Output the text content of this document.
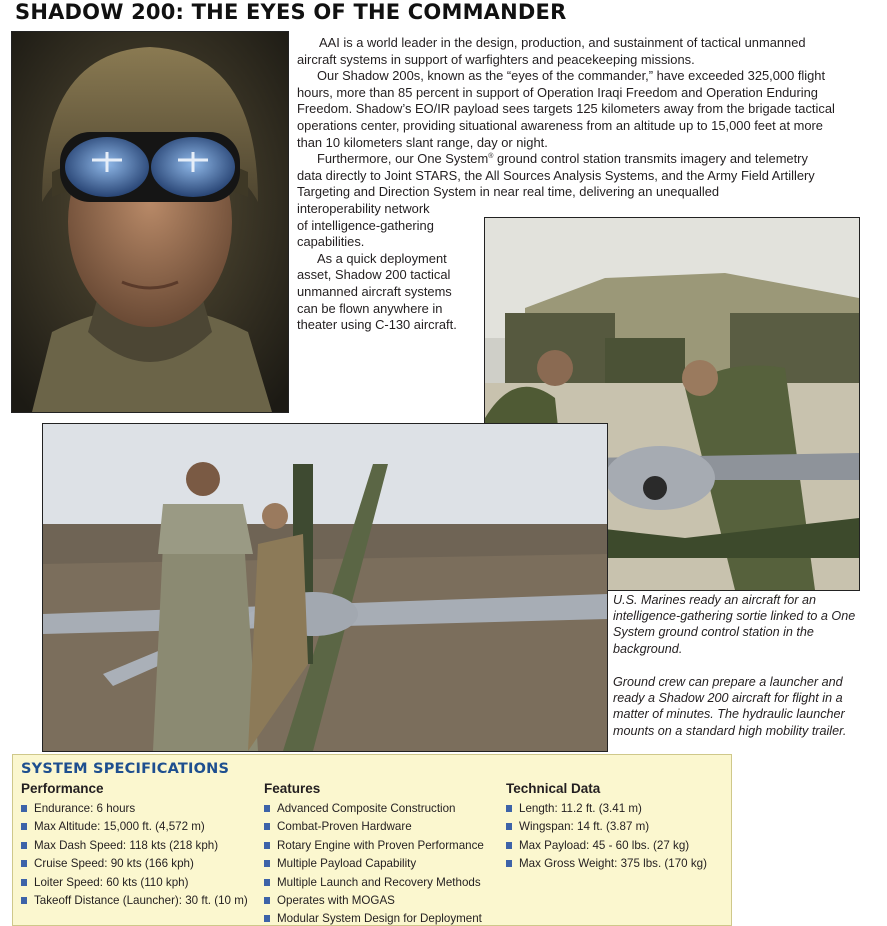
SHADOW 200: THE EYES OF THE COMMANDER

AAI is a world leader in the design, production, and sustainment of tactical unmanned aircraft systems in support of warfighters and peacekeeping missions.

Our Shadow 200s, known as the “eyes of the commander,” have exceeded 325,000 flight hours, more than 85 percent in support of Operation Iraqi Freedom and Operation Enduring Freedom. Shadow’s EO/IR payload sees targets 125 kilometers away from the brigade tactical operations center, providing situational awareness from an altitude up to 15,000 feet at more than 10 kilometers slant range, day or night.

Furthermore, our One System® ground control station transmits imagery and telemetry data directly to Joint STARS, the All Sources Analysis Systems, and the Army Field Artillery Targeting and Direction System in near real time, delivering an unequalled

interoperability network
of intelligence-gathering
capabilities.
As a quick deployment
asset, Shadow 200 tactical
unmanned aircraft systems
can be flown anywhere in
theater using C-130 aircraft.
U.S. Marines ready an aircraft for an intelligence-gathering sortie linked to a One System ground control station in the background.
Ground crew can prepare a launcher and ready a Shadow 200 aircraft for flight in a matter of minutes. The hydraulic launcher mounts on a standard high mobility trailer.
SYSTEM SPECIFICATIONS
Performance
Endurance: 6 hours
Max Altitude: 15,000 ft. (4,572 m)
Max Dash Speed: 118 kts (218 kph)
Cruise Speed: 90 kts (166 kph)
Loiter Speed: 60 kts (110 kph)
Takeoff Distance (Launcher): 30 ft. (10 m)
Features
Advanced Composite Construction
Combat-Proven Hardware
Rotary Engine with Proven Performance
Multiple Payload Capability
Multiple Launch and Recovery Methods
Operates with MOGAS
Modular System Design for Deployment
Technical Data
Length: 11.2 ft. (3.41 m)
Wingspan: 14 ft. (3.87 m)
Max Payload: 45 - 60 lbs. (27 kg)
Max Gross Weight: 375 lbs. (170 kg)
